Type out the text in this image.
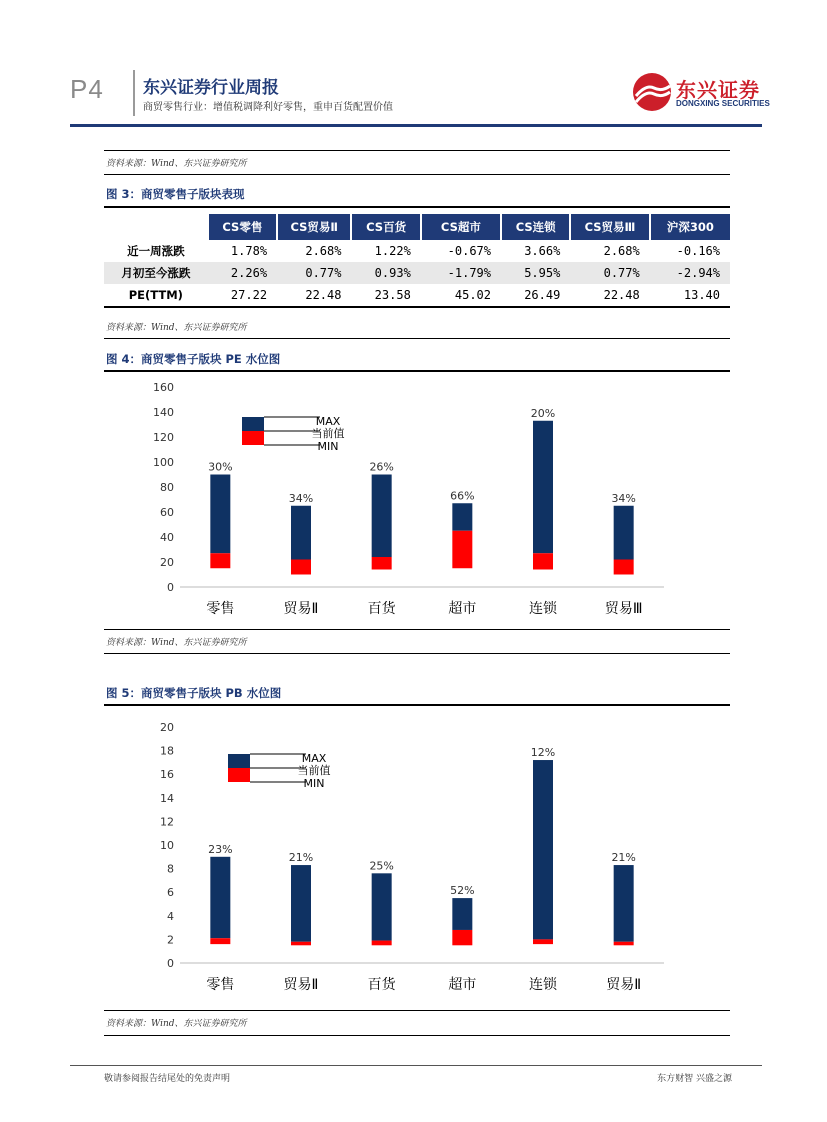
P4 东兴证券行业周报
商贸零售行业：增值税调降利好零售，重申百货配置价值
东兴证券
DONGXING SECURITIES
资料来源：Wind、东兴证券研究所
图 3：商贸零售子版块表现
	CS零售	CS贸易Ⅱ	CS百货	CS超市	CS连锁	CS贸易Ⅲ	沪深300
近一周涨跌	1.78%	2.68%	1.22%	-0.67%	3.66%	2.68%	-0.16%
月初至今涨跌	2.26%	0.77%	0.93%	-1.79%	5.95%	0.77%	-2.94%
PE(TTM)	27.22	22.48	23.58	45.02	26.49	22.48	13.40
资料来源：Wind、东兴证券研究所
图 4：商贸零售子版块 PE 水位图
0
20
40
60
80
100
120
140
160
30%
零售
34%
贸易Ⅱ
26%
百货
66%
超市
20%
连锁
34%
贸易Ⅲ
MAX
当前值
MIN
资料来源：Wind、东兴证券研究所
图 5：商贸零售子版块 PB 水位图
0
2
4
6
8
10
12
14
16
18
20
23%
零售
21%
贸易Ⅱ
25%
百货
52%
超市
12%
连锁
21%
贸易Ⅱ
MAX
当前值
MIN
资料来源：Wind、东兴证券研究所
敬请参阅报告结尾处的免责声明	东方财智 兴盛之源
